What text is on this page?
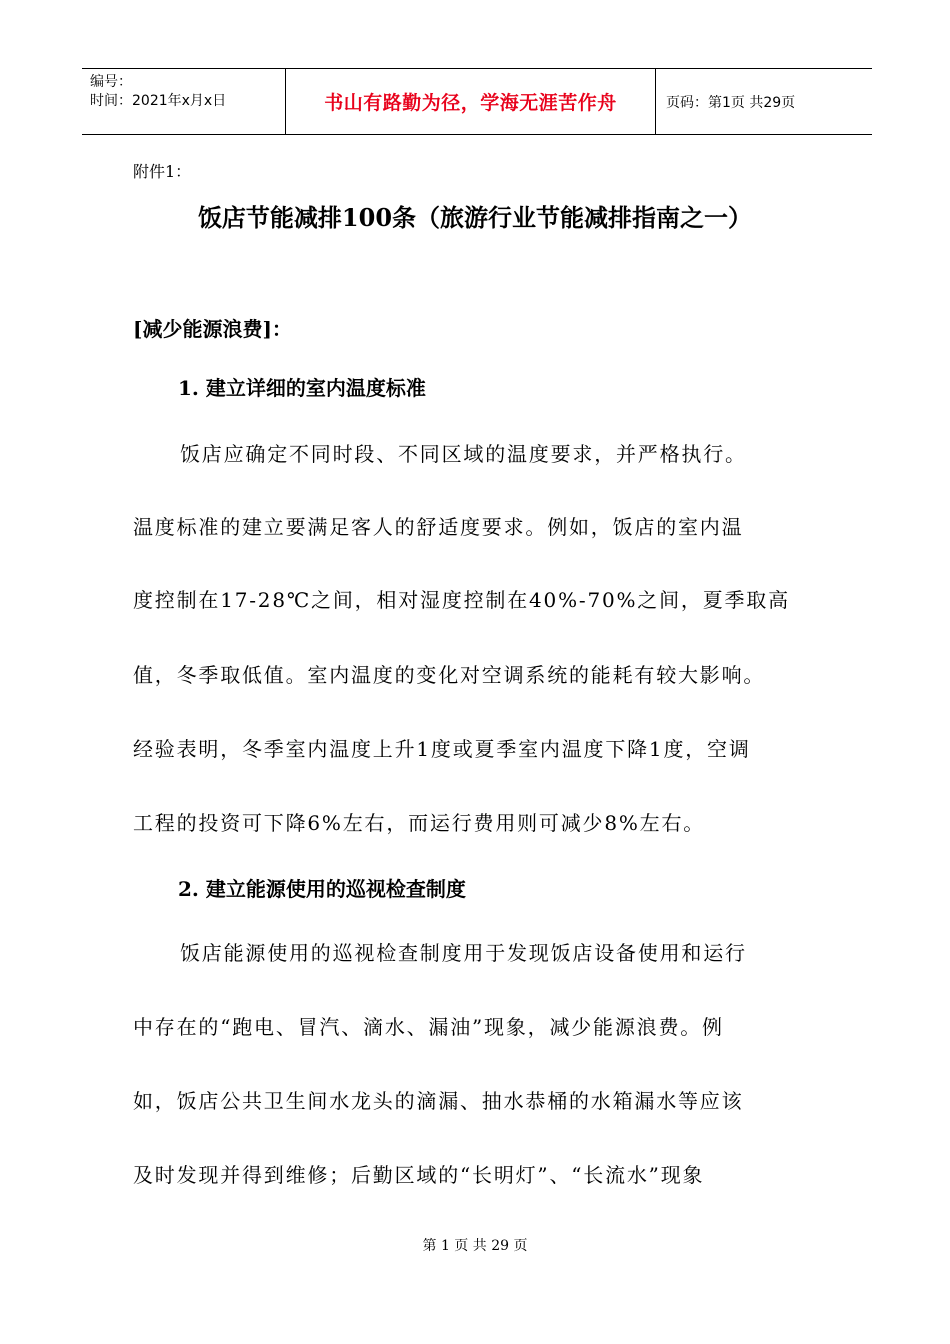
编号：
时间：2021年x月x日	书山有路勤为径，学海无涯苦作舟	页码：第1页 共29页
附件1：
饭店节能减排100条（旅游行业节能减排指南之一）
[减少能源浪费]：
1. 建立详细的室内温度标准
饭店应确定不同时段、不同区域的温度要求，并严格执行。
温度标准的建立要满足客人的舒适度要求。例如，饭店的室内温
度控制在17-28℃之间，相对湿度控制在40%-70%之间，夏季取高
值，冬季取低值。室内温度的变化对空调系统的能耗有较大影响。
经验表明，冬季室内温度上升1度或夏季室内温度下降1度，空调
工程的投资可下降6%左右，而运行费用则可减少8%左右。
2. 建立能源使用的巡视检查制度
饭店能源使用的巡视检查制度用于发现饭店设备使用和运行
中存在的“跑电、冒汽、滴水、漏油”现象，减少能源浪费。例
如，饭店公共卫生间水龙头的滴漏、抽水恭桶的水箱漏水等应该
及时发现并得到维修；后勤区域的“长明灯”、“长流水”现象
第 1 页 共 29 页
